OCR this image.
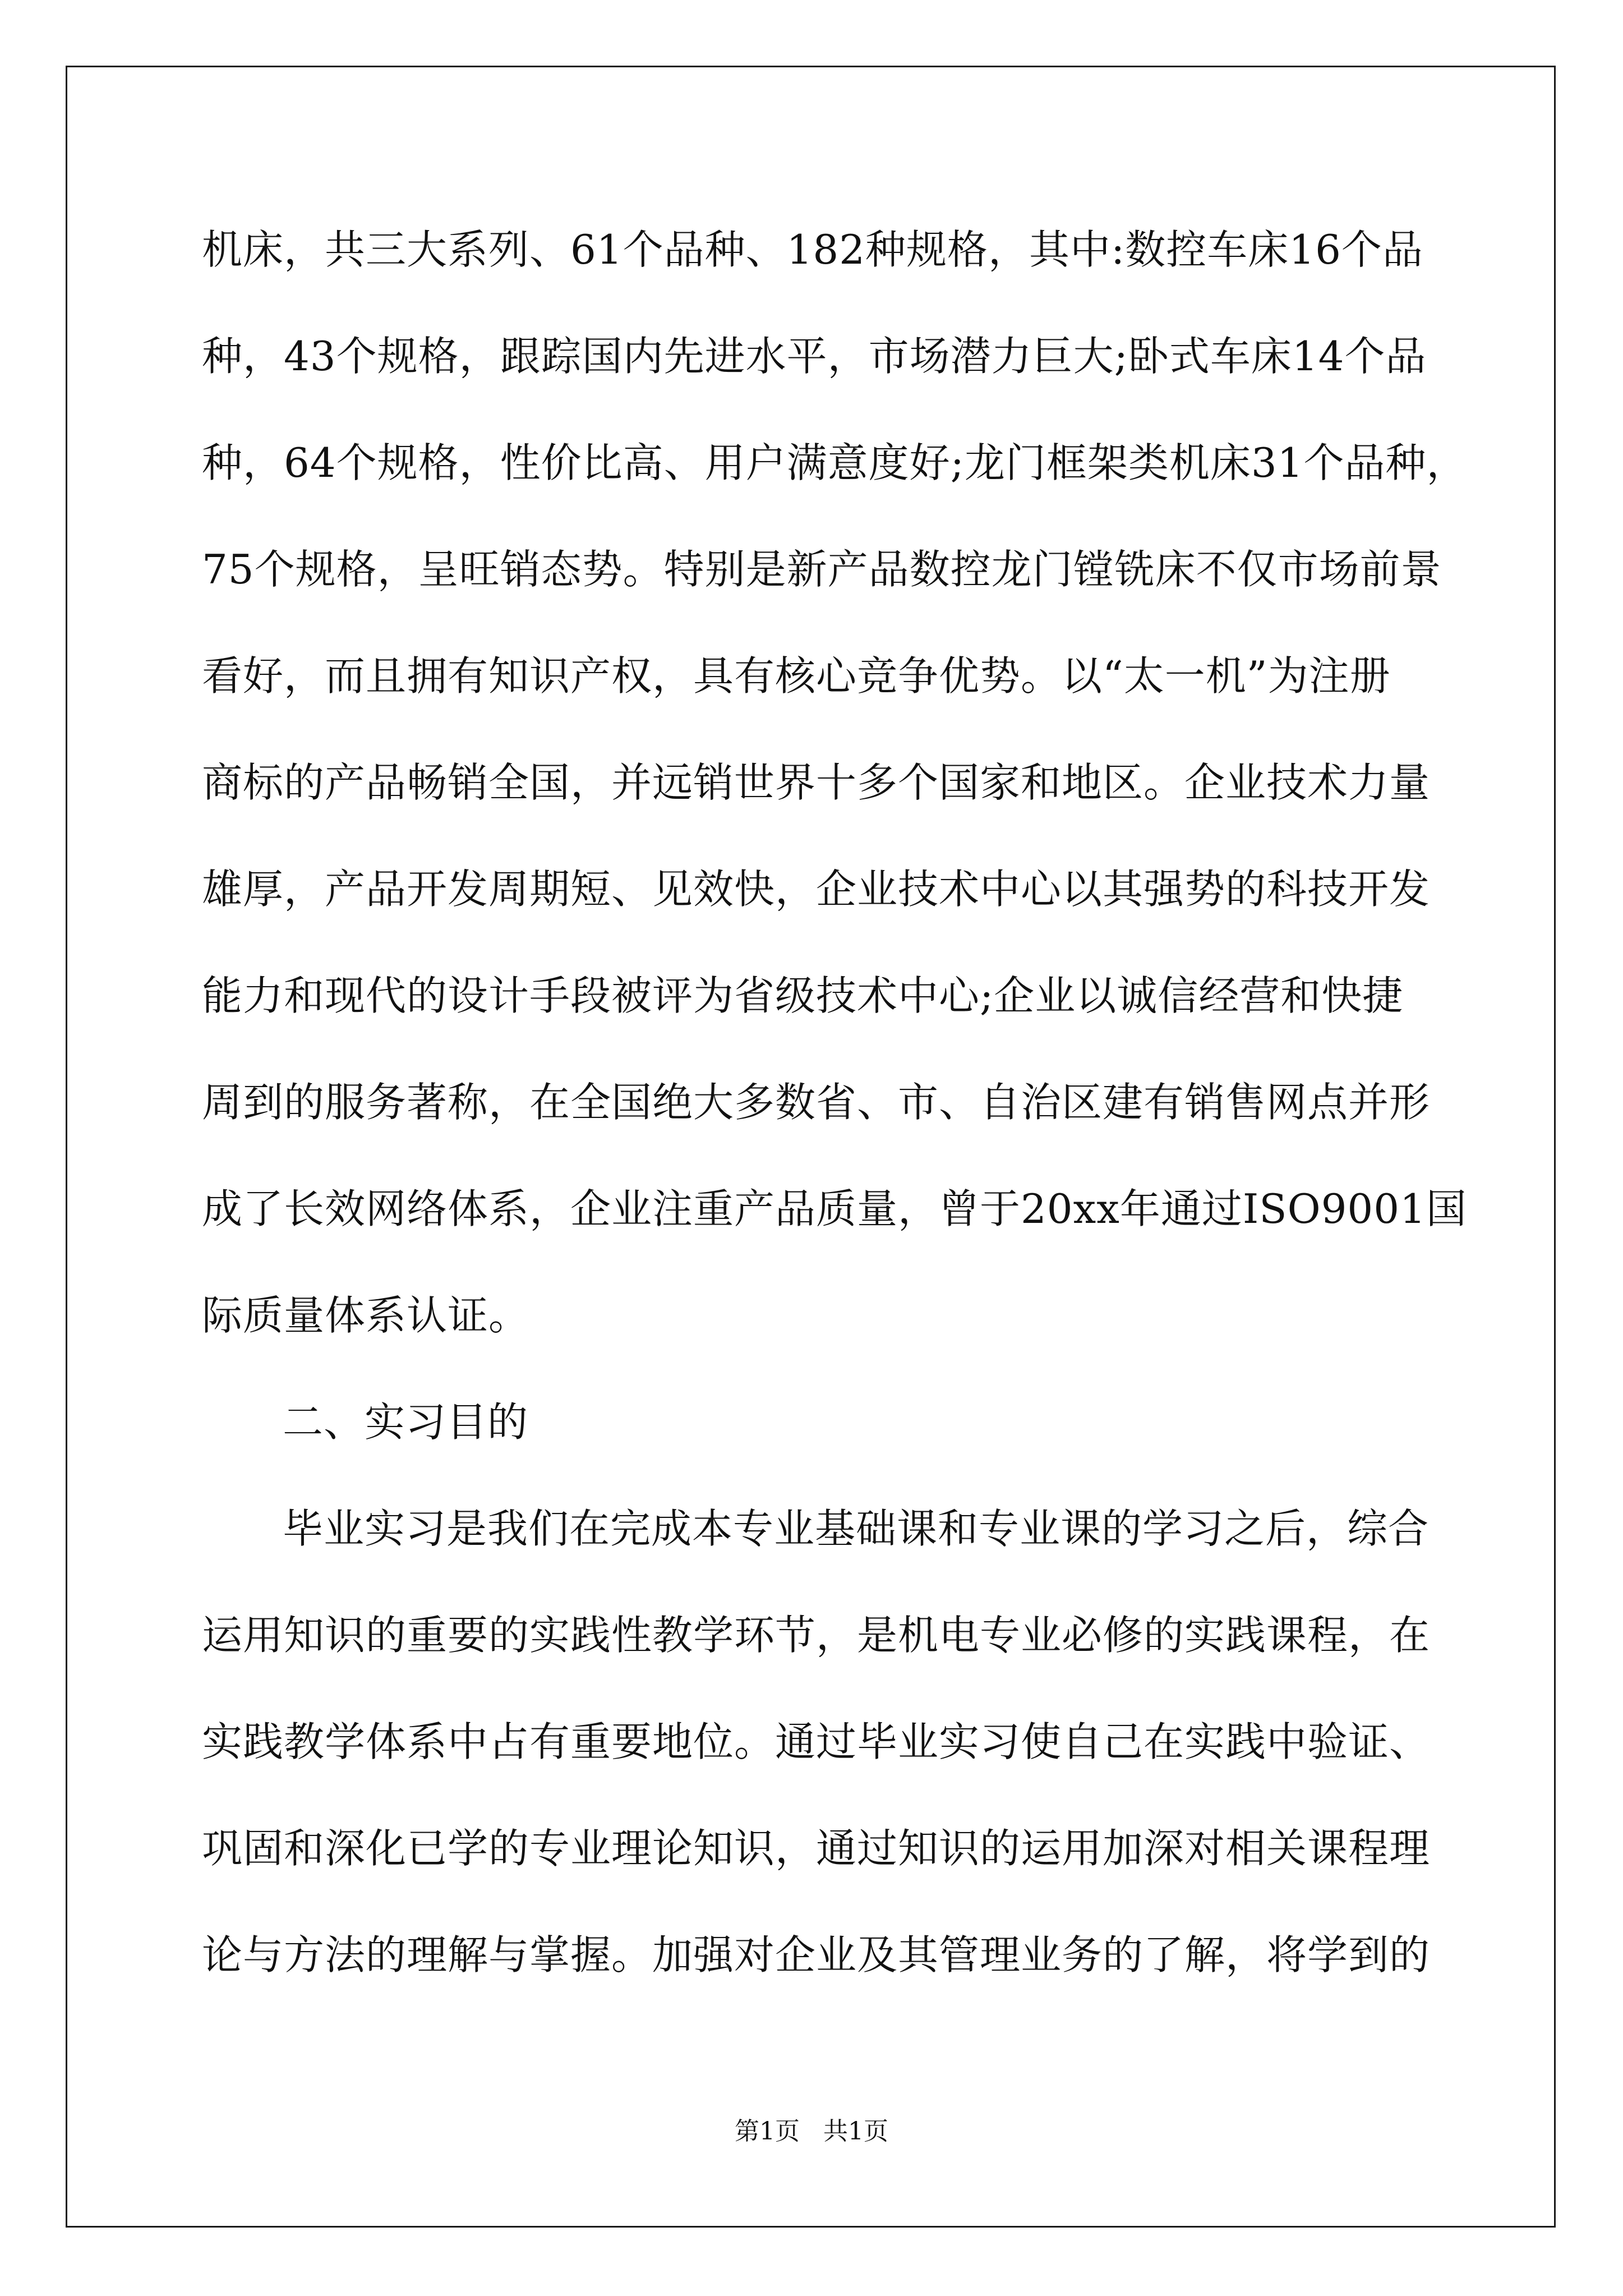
机床，共三大系列、61个品种、182种规格，其中:数控车床16个品
种，43个规格，跟踪国内先进水平，市场潜力巨大;卧式车床14个品
种，64个规格，性价比高、用户满意度好;龙门框架类机床31个品种，
75个规格，呈旺销态势。特别是新产品数控龙门镗铣床不仅市场前景
看好，而且拥有知识产权，具有核心竞争优势。以“太一机”为注册
商标的产品畅销全国，并远销世界十多个国家和地区。企业技术力量
雄厚，产品开发周期短、见效快，企业技术中心以其强势的科技开发
能力和现代的设计手段被评为省级技术中心;企业以诚信经营和快捷
周到的服务著称，在全国绝大多数省、市、自治区建有销售网点并形
成了长效网络体系，企业注重产品质量，曾于20xx年通过ISO9001国
际质量体系认证。
二、实习目的
毕业实习是我们在完成本专业基础课和专业课的学习之后，综合
运用知识的重要的实践性教学环节，是机电专业必修的实践课程，在
实践教学体系中占有重要地位。通过毕业实习使自己在实践中验证、
巩固和深化已学的专业理论知识，通过知识的运用加深对相关课程理
论与方法的理解与掌握。加强对企业及其管理业务的了解，将学到的
第1页   共1页
